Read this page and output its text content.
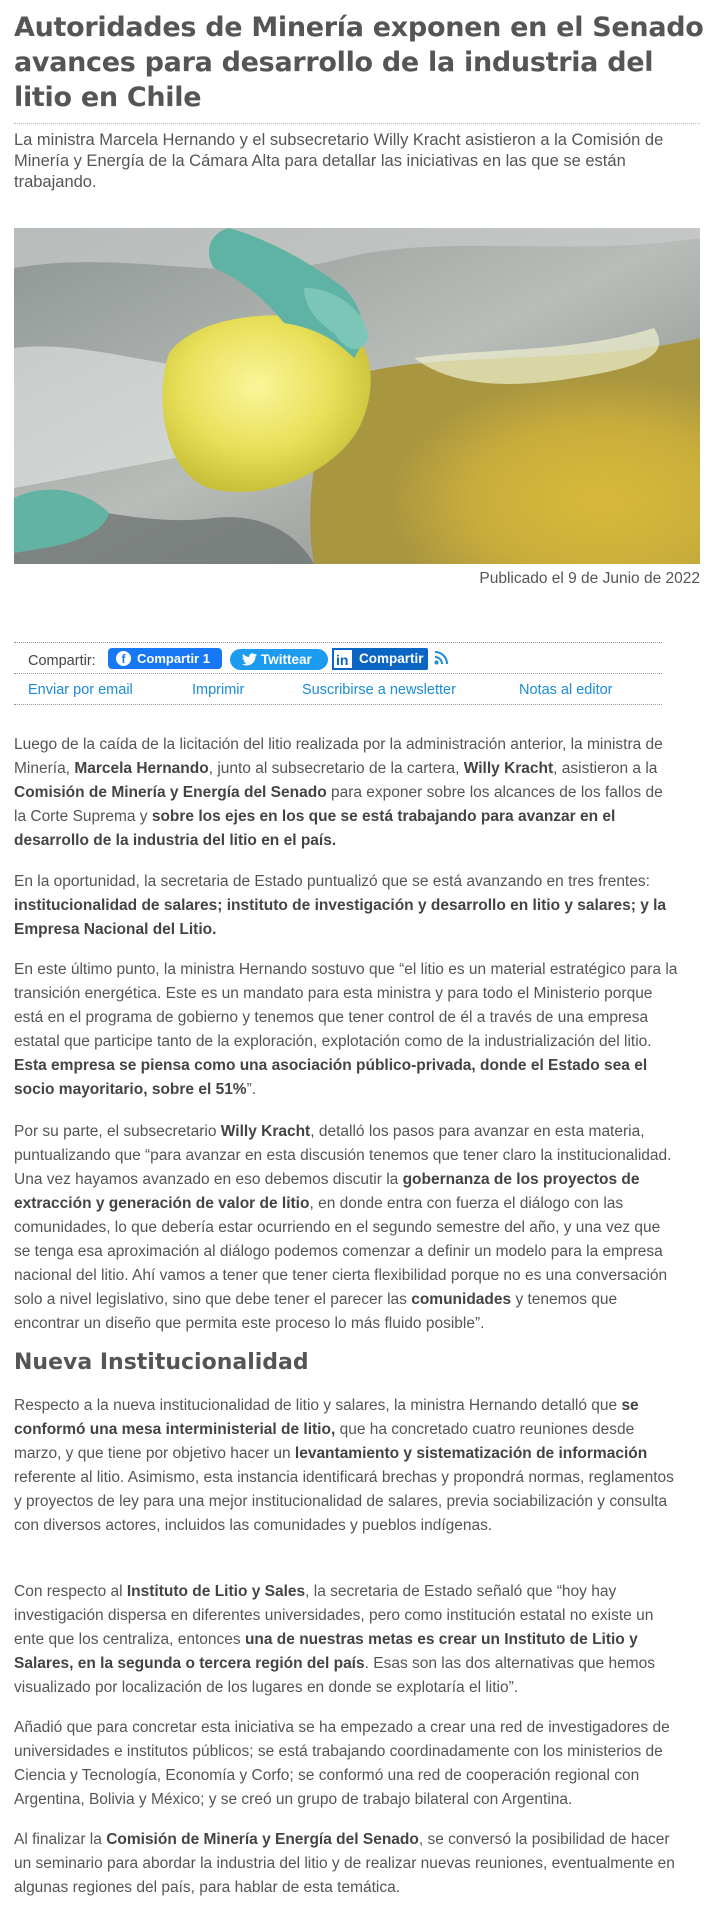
Autoridades de Minería exponen en el Senado avances para desarrollo de la industria del litio en Chile

La ministra Marcela Hernando y el subsecretario Willy Kracht asistieron a la Comisión de Minería y Energía de la Cámara Alta para detallar las iniciativas en las que se están trabajando.

Publicado el 9 de Junio de 2022
Compartir:	f Compartir 1	Twittear in Compartir
Enviar por email	Imprimir	Suscribirse a newsletter	Notas al editor

Luego de la caída de la licitación del litio realizada por la administración anterior, la ministra de Minería, Marcela Hernando, junto al subsecretario de la cartera, Willy Kracht, asistieron a la Comisión de Minería y Energía del Senado para exponer sobre los alcances de los fallos de la Corte Suprema y sobre los ejes en los que se está trabajando para avanzar en el desarrollo de la industria del litio en el país.

En la oportunidad, la secretaria de Estado puntualizó que se está avanzando en tres frentes: institucionalidad de salares; instituto de investigación y desarrollo en litio y salares; y la Empresa Nacional del Litio.

En este último punto, la ministra Hernando sostuvo que “el litio es un material estratégico para la transición energética. Este es un mandato para esta ministra y para todo el Ministerio porque está en el programa de gobierno y tenemos que tener control de él a través de una empresa estatal que participe tanto de la exploración, explotación como de la industrialización del litio. Esta empresa se piensa como una asociación público-privada, donde el Estado sea el socio mayoritario, sobre el 51%”.

Por su parte, el subsecretario Willy Kracht, detalló los pasos para avanzar en esta materia, puntualizando que “para avanzar en esta discusión tenemos que tener claro la institucionalidad. Una vez hayamos avanzado en eso debemos discutir la gobernanza de los proyectos de extracción y generación de valor de litio, en donde entra con fuerza el diálogo con las comunidades, lo que debería estar ocurriendo en el segundo semestre del año, y una vez que se tenga esa aproximación al diálogo podemos comenzar a definir un modelo para la empresa nacional del litio. Ahí vamos a tener que tener cierta flexibilidad porque no es una conversación solo a nivel legislativo, sino que debe tener el parecer las comunidades y tenemos que encontrar un diseño que permita este proceso lo más fluido posible”.

Nueva Institucionalidad

Respecto a la nueva institucionalidad de litio y salares, la ministra Hernando detalló que se conformó una mesa interministerial de litio, que ha concretado cuatro reuniones desde marzo, y que tiene por objetivo hacer un levantamiento y sistematización de información referente al litio. Asimismo, esta instancia identificará brechas y propondrá normas, reglamentos y proyectos de ley para una mejor institucionalidad de salares, previa sociabilización y consulta con diversos actores, incluidos las comunidades y pueblos indígenas.

Con respecto al Instituto de Litio y Sales, la secretaria de Estado señaló que “hoy hay investigación dispersa en diferentes universidades, pero como institución estatal no existe un ente que los centraliza, entonces una de nuestras metas es crear un Instituto de Litio y Salares, en la segunda o tercera región del país. Esas son las dos alternativas que hemos visualizado por localización de los lugares en donde se explotaría el litio”.

Añadió que para concretar esta iniciativa se ha empezado a crear una red de investigadores de universidades e institutos públicos; se está trabajando coordinadamente con los ministerios de Ciencia y Tecnología, Economía y Corfo; se conformó una red de cooperación regional con Argentina, Bolivia y México; y se creó un grupo de trabajo bilateral con Argentina.

Al finalizar la Comisión de Minería y Energía del Senado, se conversó la posibilidad de hacer un seminario para abordar la industria del litio y de realizar nuevas reuniones, eventualmente en algunas regiones del país, para hablar de esta temática.
